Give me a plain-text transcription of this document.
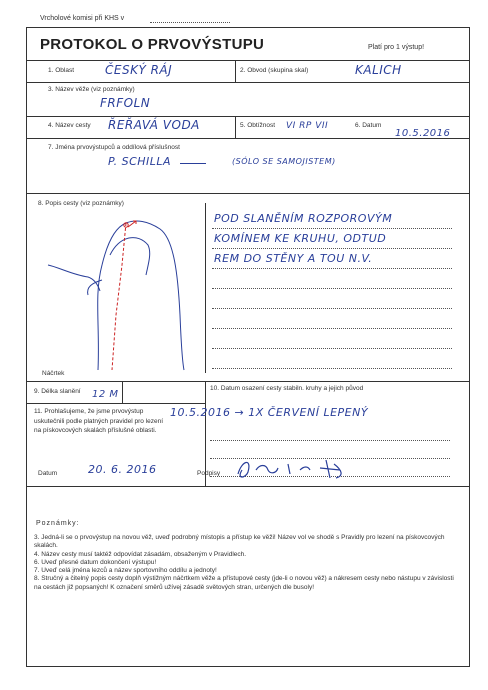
Vrcholové komisi při KHS v
PROTOKOL O PRVOVÝSTUPU	Platí pro 1 výstup!
1. Oblast	ČESKÝ RÁJ	2. Obvod (skupina skal)	KALICH
3. Název věže (viz poznámky)
FRFOLN
4. Název cesty ŘEŘAVÁ VODA	5. Obtížnost VI RP VII	6. Datum
10.5.2016
7. Jména prvovýstupců a oddílová příslušnost
P. SCHILLA	(SÓLO SE SAMOJISTEM)
8. Popis cesty (viz poznámky)
Náčrtek
POD SLANĚNÍM ROZPOROVÝM
KOMÍNEM KE KRUHU, ODTUD
REM DO STĚNY A TOU N.V.
9. Délka slanění 12 M
10. Datum osazení cesty stabiln. kruhy a jejich původ
10.5.2016 → 1X ČERVENÍ LEPENÝ
11. Prohlašujeme, že jsme prvovýstup uskutečnili podle platných pravidel pro lezení na pískovcových skalách příslušné oblasti.
Datum	20. 6. 2016	Podpisy
Poznámky:

3. Jedná-li se o prvovýstup na novou věž, uveď podrobný místopis a přístup ke věži! Název vol ve shodě s Pravidly pro lezení na pískovcových skalách.

4. Název cesty musí taktéž odpovídat zásadám, obsaženým v Pravidlech.

6. Uveď přesné datum dokončení výstupu!

7. Uveď celá jména lezců a název sportovního oddílu a jednoty!

8. Stručný a čitelný popis cesty doplň výstižným náčrtkem věže a přístupové cesty (jde-li o novou věž) a nákresem cesty nebo nástupu v závislosti na cestách již popsaných! K označení směrů užívej zásadě světových stran, určených dle busoly!
